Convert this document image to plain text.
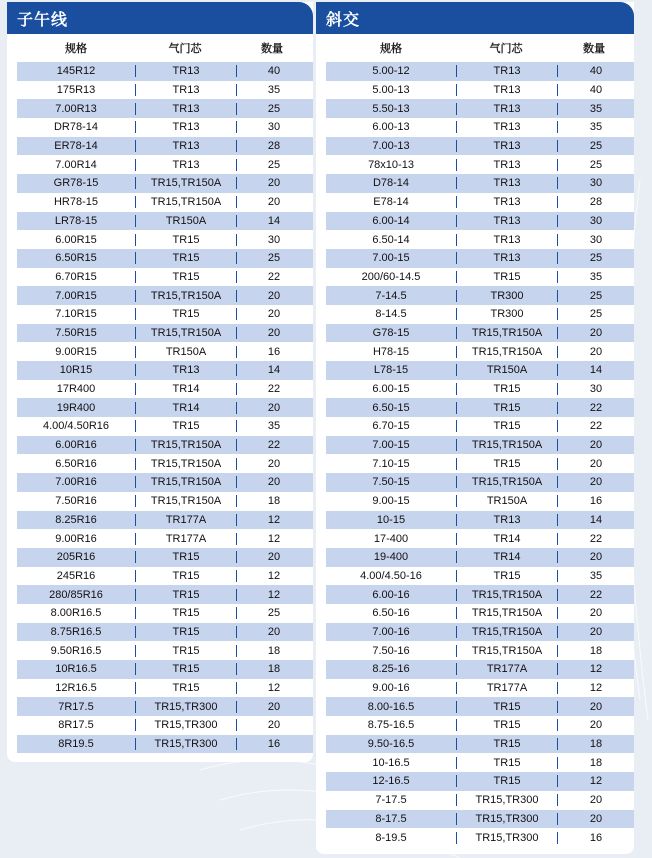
子午线
规格	气门芯	数量
145R12	TR13	40
175R13	TR13	35
7.00R13	TR13	25
DR78-14	TR13	30
ER78-14	TR13	28
7.00R14	TR13	25
GR78-15	TR15,TR150A	20
HR78-15	TR15,TR150A	20
LR78-15	TR150A	14
6.00R15	TR15	30
6.50R15	TR15	25
6.70R15	TR15	22
7.00R15	TR15,TR150A	20
7.10R15	TR15	20
7.50R15	TR15,TR150A	20
9.00R15	TR150A	16
10R15	TR13	14
17R400	TR14	22
19R400	TR14	20
4.00/4.50R16	TR15	35
6.00R16	TR15,TR150A	22
6.50R16	TR15,TR150A	20
7.00R16	TR15,TR150A	20
7.50R16	TR15,TR150A	18
8.25R16	TR177A	12
9.00R16	TR177A	12
205R16	TR15	20
245R16	TR15	12
280/85R16	TR15	12
8.00R16.5	TR15	25
8.75R16.5	TR15	20
9.50R16.5	TR15	18
10R16.5	TR15	18
12R16.5	TR15	12
7R17.5	TR15,TR300	20
8R17.5	TR15,TR300	20
8R19.5	TR15,TR300	16
斜交
规格	气门芯	数量
5.00-12	TR13	40
5.00-13	TR13	40
5.50-13	TR13	35
6.00-13	TR13	35
7.00-13	TR13	25
78x10-13	TR13	25
D78-14	TR13	30
E78-14	TR13	28
6.00-14	TR13	30
6.50-14	TR13	30
7.00-15	TR13	25
200/60-14.5	TR15	35
7-14.5	TR300	25
8-14.5	TR300	25
G78-15	TR15,TR150A	20
H78-15	TR15,TR150A	20
L78-15	TR150A	14
6.00-15	TR15	30
6.50-15	TR15	22
6.70-15	TR15	22
7.00-15	TR15,TR150A	20
7.10-15	TR15	20
7.50-15	TR15,TR150A	20
9.00-15	TR150A	16
10-15	TR13	14
17-400	TR14	22
19-400	TR14	20
4.00/4.50-16	TR15	35
6.00-16	TR15,TR150A	22
6.50-16	TR15,TR150A	20
7.00-16	TR15,TR150A	20
7.50-16	TR15,TR150A	18
8.25-16	TR177A	12
9.00-16	TR177A	12
8.00-16.5	TR15	20
8.75-16.5	TR15	20
9.50-16.5	TR15	18
10-16.5	TR15	18
12-16.5	TR15	12
7-17.5	TR15,TR300	20
8-17.5	TR15,TR300	20
8-19.5	TR15,TR300	16
